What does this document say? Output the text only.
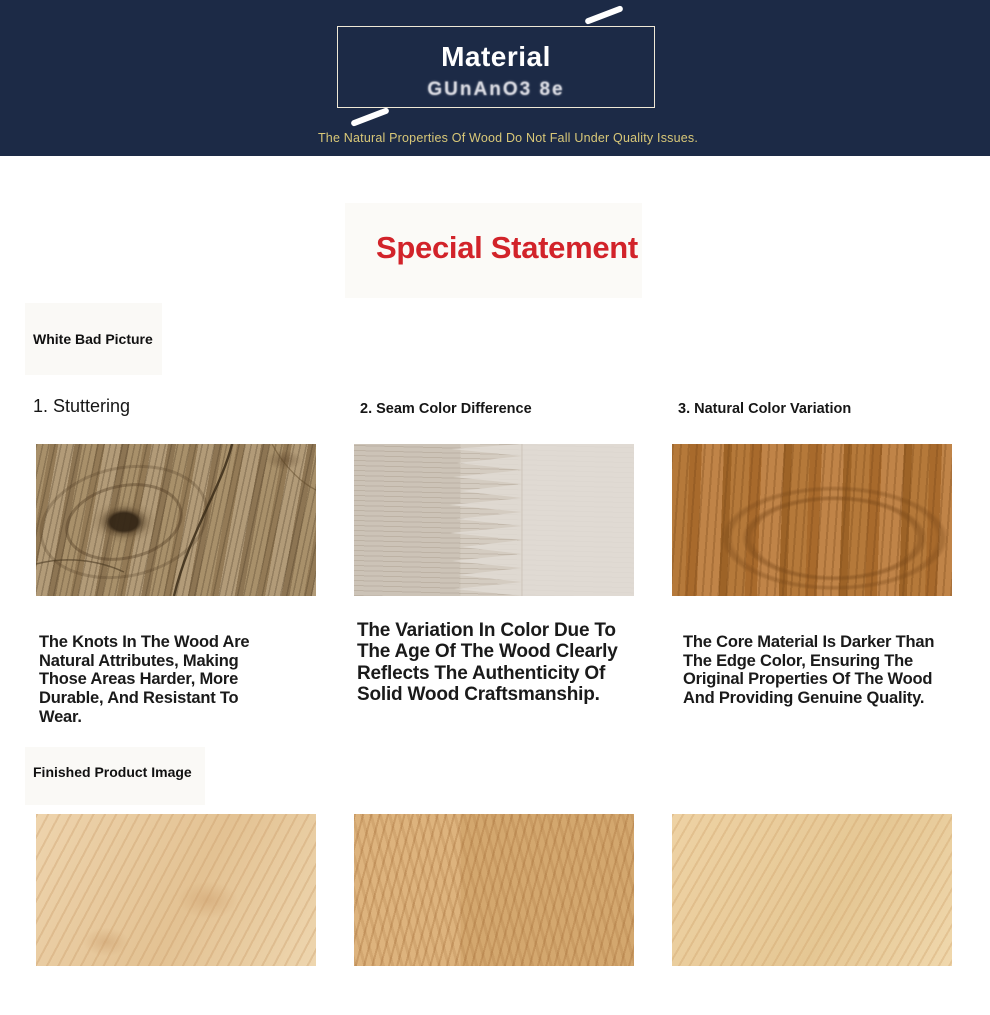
Material
GUnAnO3 8e
The Natural Properties Of Wood Do Not Fall Under Quality Issues.
Special Statement
White Bad Picture
1. Stuttering	2. Seam Color Difference	3. Natural Color Variation
The Knots In The Wood Are Natural Attributes, Making Those Areas Harder, More Durable, And Resistant To Wear.
The Variation In Color Due To The Age Of The Wood Clearly Reflects The Authenticity Of Solid Wood Craftsmanship.
The Core Material Is Darker Than The Edge Color, Ensuring The Original Properties Of The Wood And Providing Genuine Quality.
Finished Product Image
